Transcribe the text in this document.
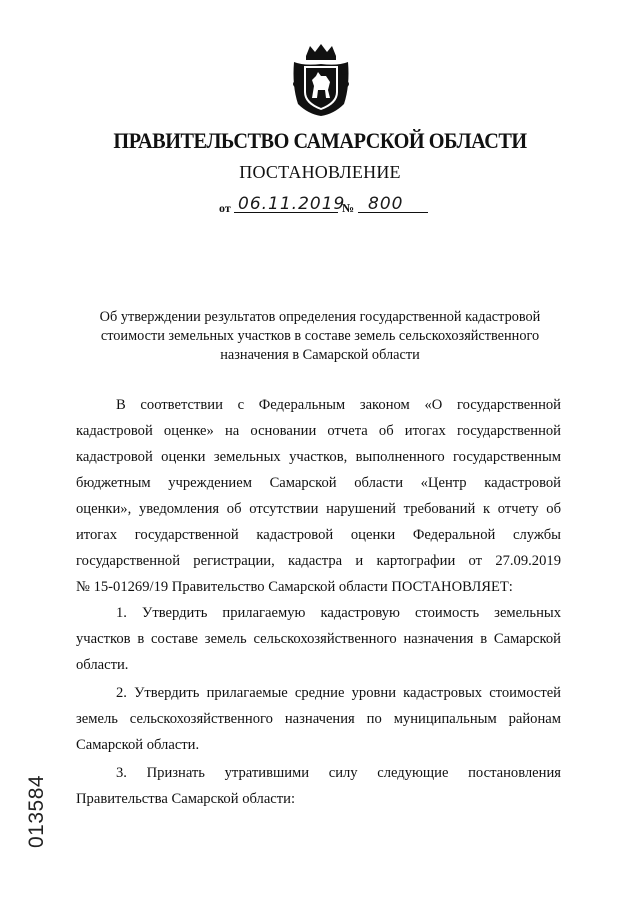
ПРАВИТЕЛЬСТВО САМАРСКОЙ ОБЛАСТИ
ПОСТАНОВЛЕНИЕ
от 06.11.2019
№ 800
Об утверждении результатов определения государственной кадастровой
стоимости земельных участков в составе земель сельскохозяйственного
назначения в Самарской области
В соответствии с Федеральным законом «О государственной
кадастровой оценке» на основании отчета об итогах государственной
кадастровой оценки земельных участков, выполненного государственным
бюджетным учреждением Самарской области «Центр кадастровой
оценки», уведомления об отсутствии нарушений требований к отчету об
итогах государственной кадастровой оценки Федеральной службы
государственной регистрации, кадастра и картографии от 27.09.2019
№ 15-01269/19 Правительство Самарской области ПОСТАНОВЛЯЕТ:
1. Утвердить прилагаемую кадастровую стоимость земельных
участков в составе земель сельскохозяйственного назначения в Самарской
области.
2. Утвердить прилагаемые средние уровни кадастровых стоимостей
земель сельскохозяйственного назначения по муниципальным районам
Самарской области.
3. Признать утратившими силу следующие постановления
Правительства Самарской области:
013584
